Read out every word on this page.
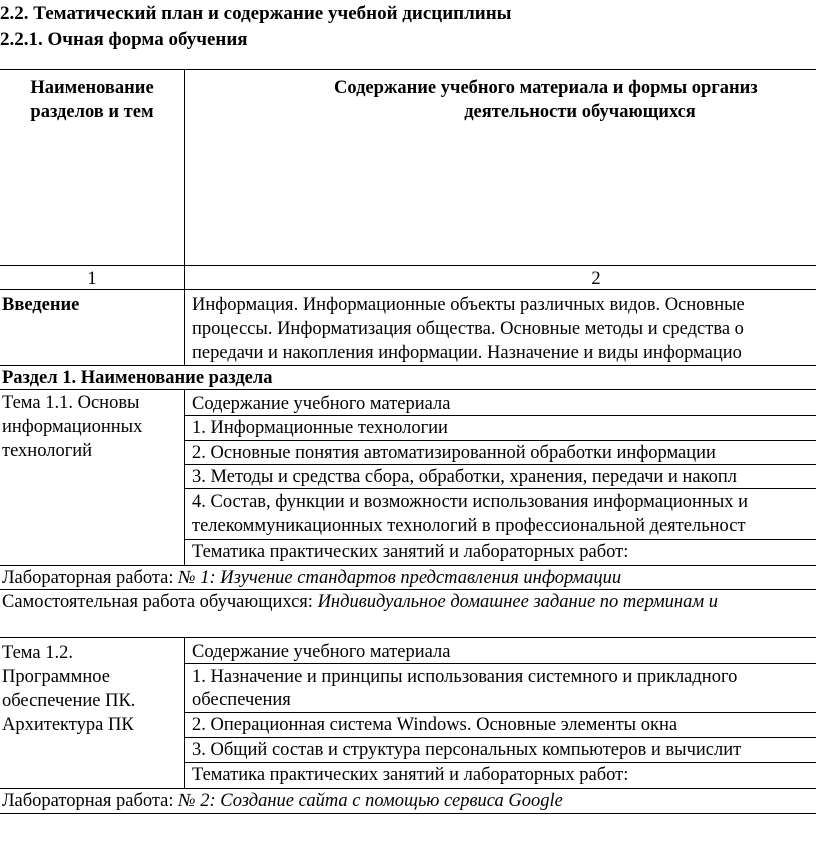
2.2. Тематический план и содержание учебной дисциплины
2.2.1. Очная форма обучения
Наименование
разделов и тем
Содержание учебного материала и формы организ
деятельности обучающихся
1	2
Введение	Информация. Информационные объекты различных видов. Основные
процессы. Информатизация общества. Основные методы и средства о
передачи и накопления информации. Назначение и виды информацио
Раздел 1. Наименование раздела
Тема 1.1. Основы
информационных
технологий
Содержание учебного материала
1. Информационные технологии
2. Основные понятия автоматизированной обработки информации
3. Методы и средства сбора, обработки, хранения, передачи и накопл
4. Состав, функции и возможности использования информационных и
телекоммуникационных технологий в профессиональной деятельност
Тематика практических занятий и лабораторных работ:
Лабораторная работа: № 1: Изучение стандартов представления информации
Самостоятельная работа обучающихся: Индивидуальное домашнее задание по терминам и
Тема 1.2.
Программное
обеспечение ПК.
Архитектура ПК
Содержание учебного материала
1. Назначение и принципы использования системного и прикладного
обеспечения
2. Операционная система Windows. Основные элементы окна
3. Общий состав и структура персональных компьютеров и вычислит
Тематика практических занятий и лабораторных работ:
Лабораторная работа: № 2: Создание сайта с помощью сервиса Google
